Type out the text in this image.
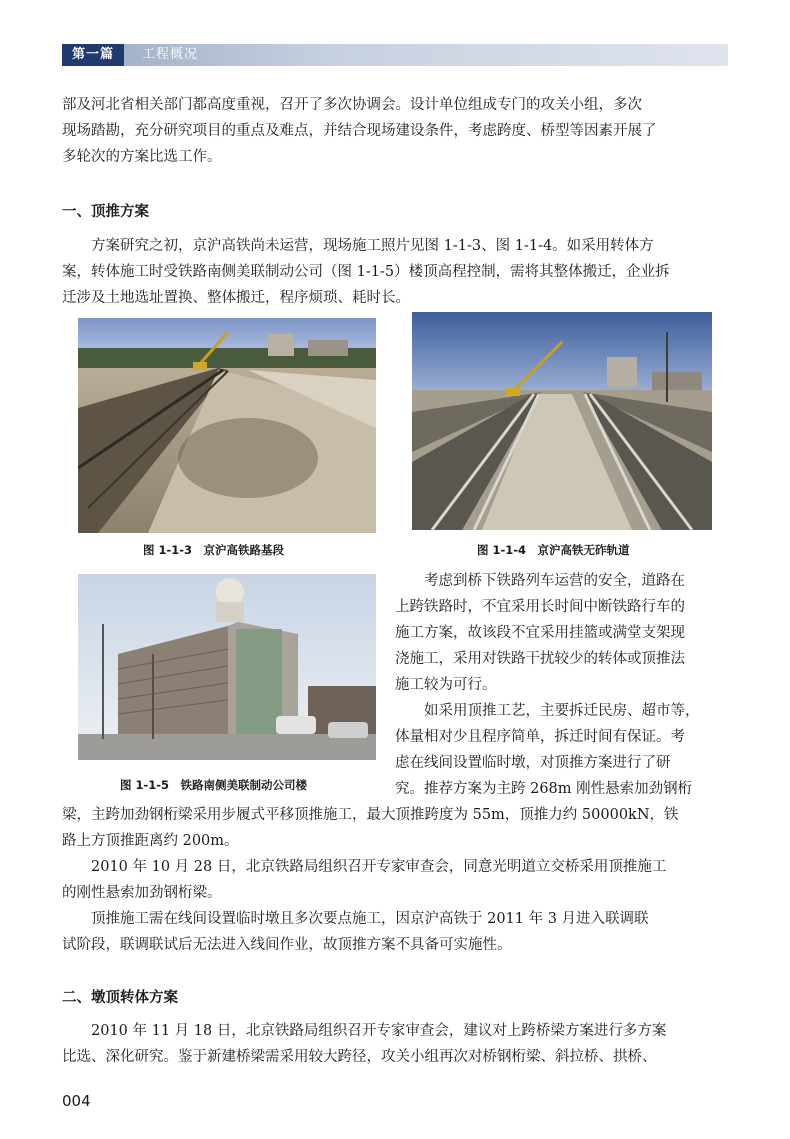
第一篇	工程概况
部及河北省相关部门都高度重视，召开了多次协调会。设计单位组成专门的攻关小组，多次
现场踏勘，充分研究项目的重点及难点，并结合现场建设条件，考虑跨度、桥型等因素开展了
多轮次的方案比选工作。
一、顶推方案
　　方案研究之初，京沪高铁尚未运营，现场施工照片见图 1-1-3、图 1-1-4。如采用转体方
案，转体施工时受铁路南侧美联制动公司（图 1-1-5）楼顶高程控制，需将其整体搬迁，企业拆
迁涉及土地选址置换、整体搬迁，程序烦琐、耗时长。
图 1-1-3　京沪高铁路基段	图 1-1-4　京沪高铁无砟轨道
图 1-1-5　铁路南侧美联制动公司楼
　　考虑到桥下铁路列车运营的安全，道路在
上跨铁路时，不宜采用长时间中断铁路行车的
施工方案，故该段不宜采用挂篮或满堂支架现
浇施工，采用对铁路干扰较少的转体或顶推法
施工较为可行。
　　如采用顶推工艺，主要拆迁民房、超市等，
体量相对少且程序简单，拆迁时间有保证。考
虑在线间设置临时墩，对顶推方案进行了研
究。推荐方案为主跨 268m 刚性悬索加劲钢桁
梁，主跨加劲钢桁梁采用步履式平移顶推施工，最大顶推跨度为 55m，顶推力约 50000kN，铁
路上方顶推距离约 200m。
　　2010 年 10 月 28 日，北京铁路局组织召开专家审查会，同意光明道立交桥采用顶推施工
的刚性悬索加劲钢桁梁。
　　顶推施工需在线间设置临时墩且多次要点施工，因京沪高铁于 2011 年 3 月进入联调联
试阶段，联调联试后无法进入线间作业，故顶推方案不具备可实施性。
二、墩顶转体方案
　　2010 年 11 月 18 日，北京铁路局组织召开专家审查会，建议对上跨桥梁方案进行多方案
比选、深化研究。鉴于新建桥梁需采用较大跨径，攻关小组再次对桥钢桁梁、斜拉桥、拱桥、
004
